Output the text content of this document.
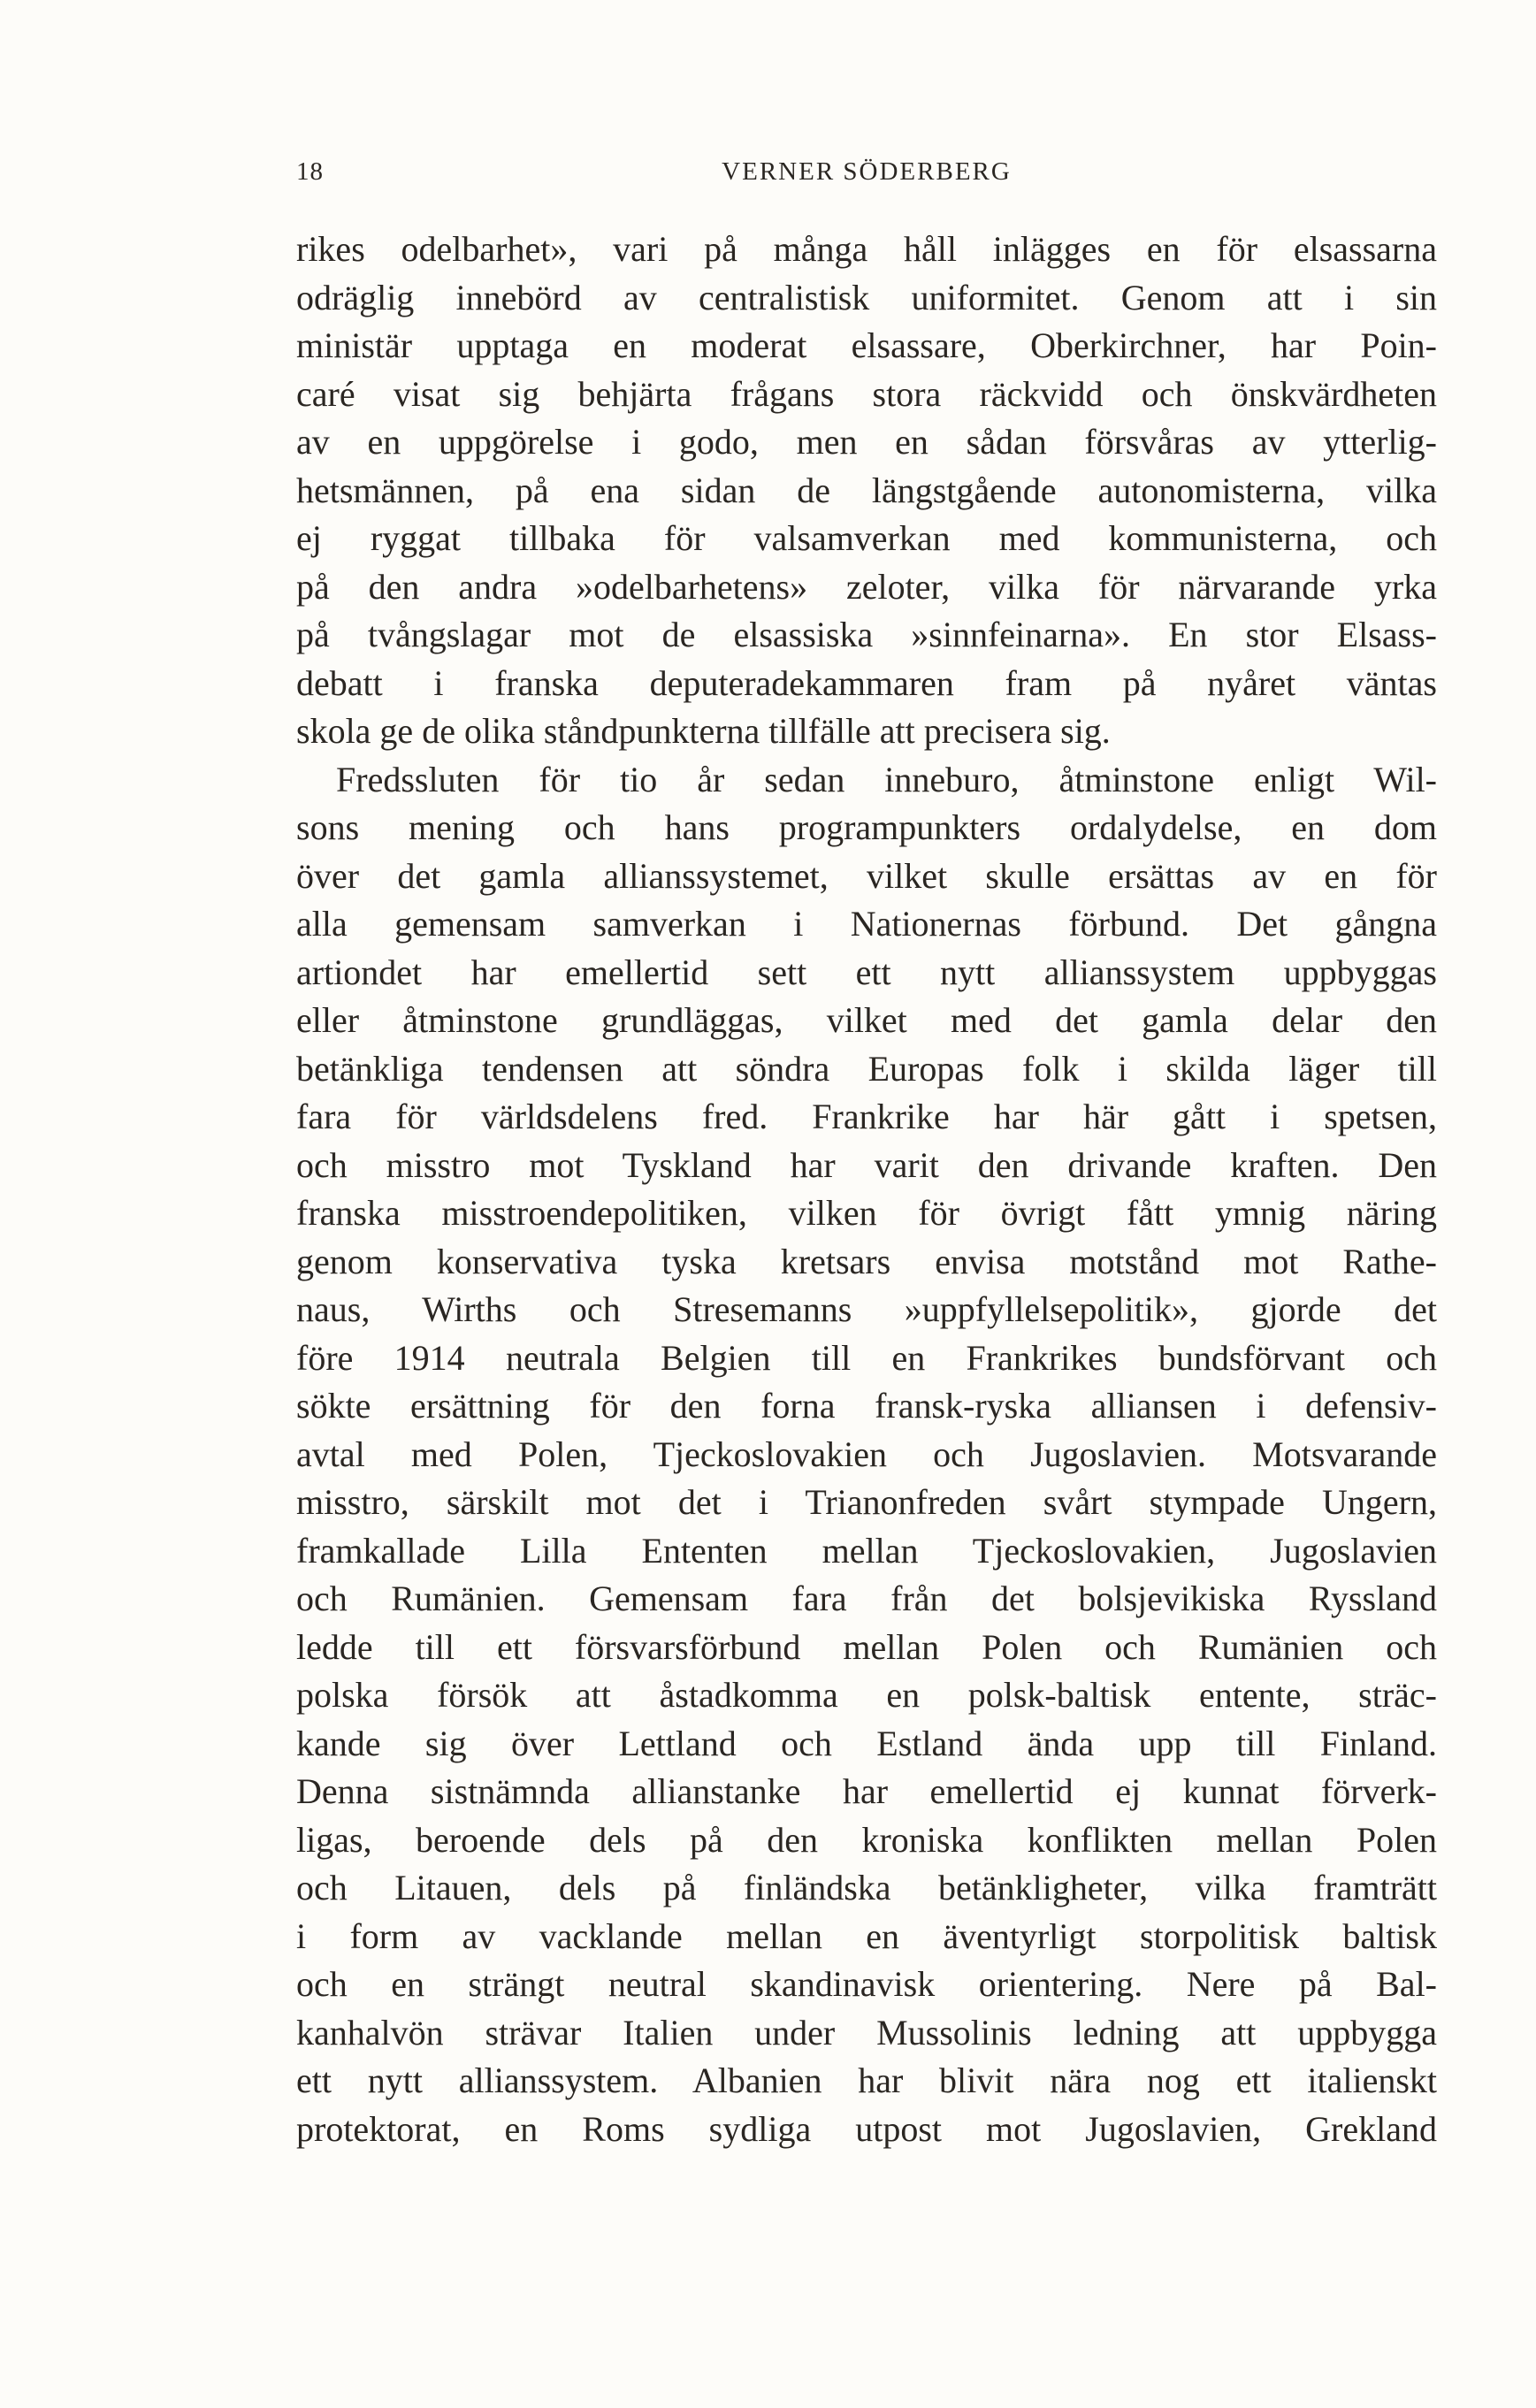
18	VERNER SÖDERBERG
rikes odelbarhet», vari på många håll inlägges en för elsassarna
odräglig innebörd av centralistisk uniformitet. Genom att i sin
ministär upptaga en moderat elsassare, Oberkirchner, har Poin-
caré visat sig behjärta frågans stora räckvidd och önskvärdheten
av en uppgörelse i godo, men en sådan försvåras av ytterlig-
hetsmännen, på ena sidan de längstgående autonomisterna, vilka
ej ryggat tillbaka för valsamverkan med kommunisterna, och
på den andra »odelbarhetens» zeloter, vilka för närvarande yrka
på tvångslagar mot de elsassiska »sinnfeinarna». En stor Elsass-
debatt i franska deputeradekammaren fram på nyåret väntas
skola ge de olika ståndpunkterna tillfälle att precisera sig.
Fredssluten för tio år sedan inneburo, åtminstone enligt Wil-
sons mening och hans programpunkters ordalydelse, en dom
över det gamla allianssystemet, vilket skulle ersättas av en för
alla gemensam samverkan i Nationernas förbund. Det gångna
artiondet har emellertid sett ett nytt allianssystem uppbyggas
eller åtminstone grundläggas, vilket med det gamla delar den
betänkliga tendensen att söndra Europas folk i skilda läger till
fara för världsdelens fred. Frankrike har här gått i spetsen,
och misstro mot Tyskland har varit den drivande kraften. Den
franska misstroendepolitiken, vilken för övrigt fått ymnig näring
genom konservativa tyska kretsars envisa motstånd mot Rathe-
naus, Wirths och Stresemanns »uppfyllelsepolitik», gjorde det
före 1914 neutrala Belgien till en Frankrikes bundsförvant och
sökte ersättning för den forna fransk-ryska alliansen i defensiv-
avtal med Polen, Tjeckoslovakien och Jugoslavien. Motsvarande
misstro, särskilt mot det i Trianonfreden svårt stympade Ungern,
framkallade Lilla Ententen mellan Tjeckoslovakien, Jugoslavien
och Rumänien. Gemensam fara från det bolsjevikiska Ryssland
ledde till ett försvarsförbund mellan Polen och Rumänien och
polska försök att åstadkomma en polsk-baltisk entente, sträc-
kande sig över Lettland och Estland ända upp till Finland.
Denna sistnämnda allianstanke har emellertid ej kunnat förverk-
ligas, beroende dels på den kroniska konflikten mellan Polen
och Litauen, dels på finländska betänkligheter, vilka framträtt
i form av vacklande mellan en äventyrligt storpolitisk baltisk
och en strängt neutral skandinavisk orientering. Nere på Bal-
kanhalvön strävar Italien under Mussolinis ledning att uppbygga
ett nytt allianssystem. Albanien har blivit nära nog ett italienskt
protektorat, en Roms sydliga utpost mot Jugoslavien, Grekland
